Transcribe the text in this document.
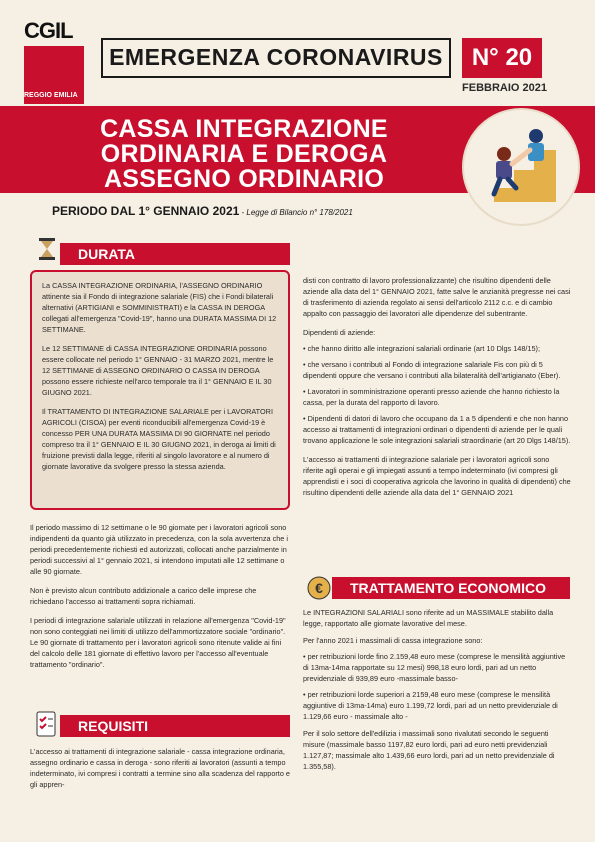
CGIL
REGGIO EMILIA
EMERGENZA CORONAVIRUS	N° 20
FEBBRAIO 2021
CASSA INTEGRAZIONE
ORDINARIA E DEROGA
ASSEGNO ORDINARIO
PERIODO DAL 1° GENNAIO 2021 - Legge di Bilancio n° 178/2021
DURATA

La CASSA INTEGRAZIONE ORDINARIA, l'ASSEGNO ORDINARIO attinente sia il Fondo di integrazione salariale (FIS) che i Fondi bilaterali alternativi (ARTIGIANI e SOMMINISTRATI) e la CASSA IN DEROGA collegati all'emergenza "Covid-19", hanno una DURATA MASSIMA DI 12 SETTIMANE.

Le 12 SETTIMANE di CASSA INTEGRAZIONE ORDINARIA possono essere collocate nel periodo 1° GENNAIO - 31 MARZO 2021, mentre le 12 SETTIMANE di ASSEGNO ORDINARIO O CASSA IN DEROGA possono essere richieste nell'arco temporale tra il 1° GENNAIO E IL 30 GIUGNO 2021.

Il TRATTAMENTO DI INTEGRAZIONE SALARIALE per i LAVORATORI AGRICOLI (CISOA) per eventi riconducibili all'emergenza Covid-19 è concesso PER UNA DURATA MASSIMA DI 90 GIORNATE nel periodo compreso tra il 1° GENNAIO E IL 30 GIUGNO 2021, in deroga ai limiti di fruizione previsti dalla legge, riferiti al singolo lavoratore e al numero di giornate lavorative da svolgere presso la stessa azienda.

Il periodo massimo di 12 settimane o le 90 giornate per i lavoratori agricoli sono indipendenti da quanto già utilizzato in precedenza, con la sola avvertenza che i periodi precedentemente richiesti ed autorizzati, collocati anche parzialmente in periodi successivi al 1° gennaio 2021, si intendono imputati alle 12 settimane o alle 90 giornate.

Non è previsto alcun contributo addizionale a carico delle imprese che richiedano l'accesso ai trattamenti sopra richiamati.

I periodi di integrazione salariale utilizzati in relazione all'emergenza "Covid-19" non sono conteggiati nei limiti di utilizzo dell'ammortizzatore sociale "ordinario". Le 90 giornate di trattamento per i lavoratori agricoli sono ritenute valide ai fini del calcolo delle 181 giornate di effettivo lavoro per l'accesso all'eventuale trattamento "ordinario".

REQUISITI

L'accesso ai trattamenti di integrazione salariale - cassa integrazione ordinaria, assegno ordinario e cassa in deroga - sono riferiti ai lavoratori (assunti a tempo indeterminato, ivi compresi i contratti a termine sino alla scadenza del rapporto e gli appren-

disti con contratto di lavoro professionalizzante) che risultino dipendenti delle aziende alla data del 1° GENNAIO 2021, fatte salve le anzianità pregresse nei casi di trasferimento di azienda regolato ai sensi dell'articolo 2112 c.c. e di cambio appalto con passaggio dei lavoratori alle dipendenze del subentrante.

Dipendenti di aziende:

• che hanno diritto alle integrazioni salariali ordinarie (art 10 Dlgs 148/15);

• che versano i contributi al Fondo di integrazione salariale Fis con più di 5 dipendenti oppure che versano i contributi alla bilateralità dell'artigianato (Eber).

• Lavoratori in somministrazione operanti presso aziende che hanno richiesto la cassa, per la durata del rapporto di lavoro.

• Dipendenti di datori di lavoro che occupano da 1 a 5 dipendenti e che non hanno accesso ai trattamenti di integrazioni ordinari o dipendenti di aziende per le quali trovano applicazione le sole integrazioni salariali straordinarie (art 20 Dlgs 148/15).

L'accesso ai trattamenti di integrazione salariale per i lavoratori agricoli sono riferite agli operai e gli impiegati assunti a tempo indeterminato (ivi compresi gli apprendisti e i soci di cooperativa agricola che lavorino in qualità di dipendenti) che risultino dipendenti delle aziende alla data del 1° GENNAIO 2021

€	TRATTAMENTO ECONOMICO

Le INTEGRAZIONI SALARIALI sono riferite ad un MASSIMALE stabilito dalla legge, rapportato alle giornate lavorative del mese.

Per l'anno 2021 i massimali di cassa integrazione sono:

• per retribuzioni lorde fino 2.159,48 euro mese (comprese le mensilità aggiuntive di 13ma-14ma rapportate su 12 mesi) 998,18 euro lordi, pari ad un netto previdenziale di 939,89 euro -massimale basso-

• per retribuzioni lorde superiori a 2159,48 euro mese (comprese le mensilità aggiuntive di 13ma-14ma) euro 1.199,72 lordi, pari ad un netto previdenziale di 1.129,66 euro - massimale alto -

Per il solo settore dell'edilizia i massimali sono rivalutati secondo le seguenti misure (massimale basso 1197,82 euro lordi, pari ad euro netti previdenziali 1.127,87; massimale alto 1.439,66 euro lordi, pari ad un netto previdenziale di 1.355,58).
